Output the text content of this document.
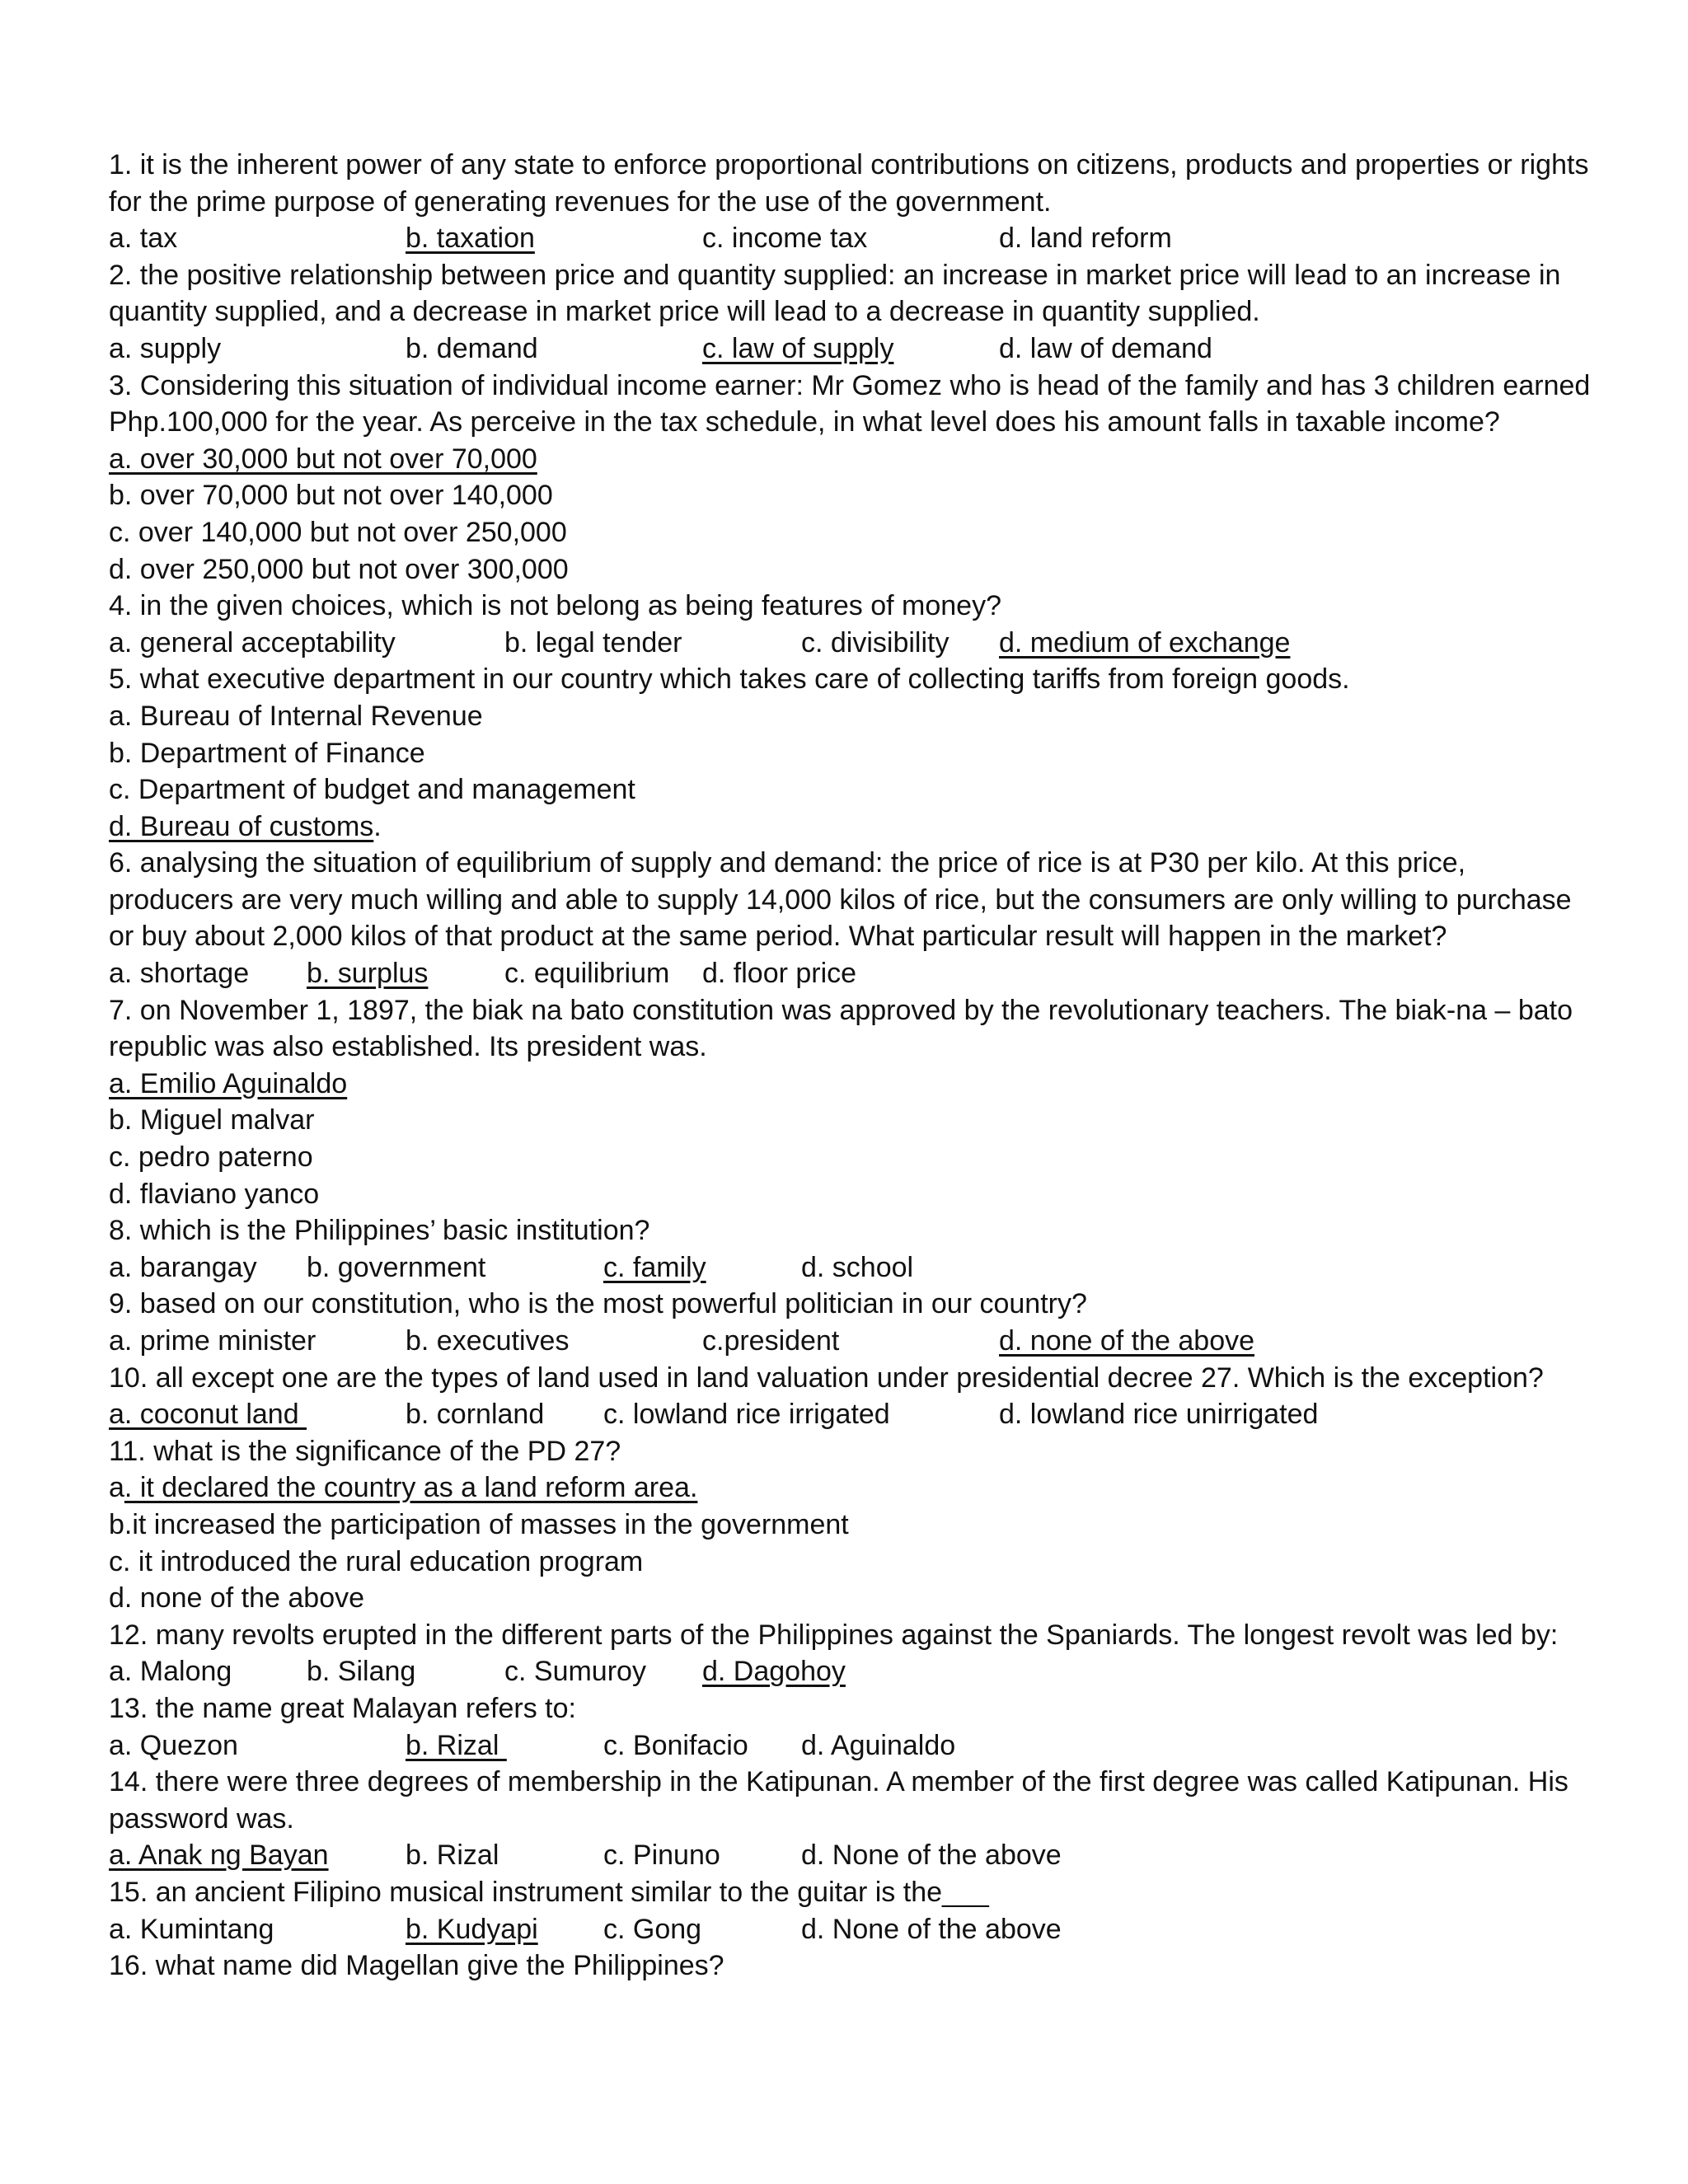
1. it is the inherent power of any state to enforce proportional contributions on citizens, products and properties or rights for the prime purpose of generating revenues for the use of the government.

a. tax	b. taxation	c. income tax	d. land reform

2. the positive relationship between price and quantity supplied: an increase in market price will lead to an increase in quantity supplied, and a decrease in market price will lead to a decrease in quantity supplied.

a. supply	b. demand	c. law of supply	d. law of demand

3. Considering this situation of individual income earner: Mr Gomez who is head of the family and has 3 children earned Php.100,000 for the year. As perceive in the tax schedule, in what level does his amount falls in taxable income?

a. over 30,000 but not over 70,000
b. over 70,000 but not over 140,000
c. over 140,000 but not over 250,000
d. over 250,000 but not over 300,000

4. in the given choices, which is not belong as being features of money?

a. general acceptability	b. legal tender	c. divisibility d. medium of exchange

5. what executive department in our country which takes care of collecting tariffs from foreign goods.

a. Bureau of Internal Revenue
b. Department of Finance
c. Department of budget and management
d. Bureau of customs.

6. analysing the situation of equilibrium of supply and demand: the price of rice is at P30 per kilo. At this price, producers are very much willing and able to supply 14,000 kilos of rice, but the consumers are only willing to purchase or buy about 2,000 kilos of that product at the same period. What particular result will happen in the market?

a. shortage b. surplus	c. equilibrium d. floor price

7. on November 1, 1897, the biak na bato constitution was approved by the revolutionary teachers. The biak-na – bato republic was also established. Its president was.

a. Emilio Aguinaldo
b. Miguel malvar
c. pedro paterno
d. flaviano yanco

8. which is the Philippines’ basic institution?

a. barangay b. government	c. family	d. school

9. based on our constitution, who is the most powerful politician in our country?

a. prime minister	b. executives	c.president	d. none of the above

10. all except one are the types of land used in land valuation under presidential decree 27. Which is the exception?

a. coconut land	b. cornland c. lowland rice irrigated	d. lowland rice unirrigated

11. what is the significance of the PD 27?

a. it declared the country as a land reform area.
b.it increased the participation of masses in the government
c. it introduced the rural education program
d. none of the above

12. many revolts erupted in the different parts of the Philippines against the Spaniards. The longest revolt was led by:

a. Malong	b. Silang	c. Sumuroy d. Dagohoy

13. the name great Malayan refers to:

a. Quezon	b. Rizal	c. Bonifacio d. Aguinaldo

14. there were three degrees of membership in the Katipunan. A member of the first degree was called Katipunan. His password was.

a. Anak ng Bayan	b. Rizal	c. Pinuno	d. None of the above

15. an ancient Filipino musical instrument similar to the guitar is the___

a. Kumintang	b. Kudyapi c. Gong	d. None of the above

16. what name did Magellan give the Philippines?
